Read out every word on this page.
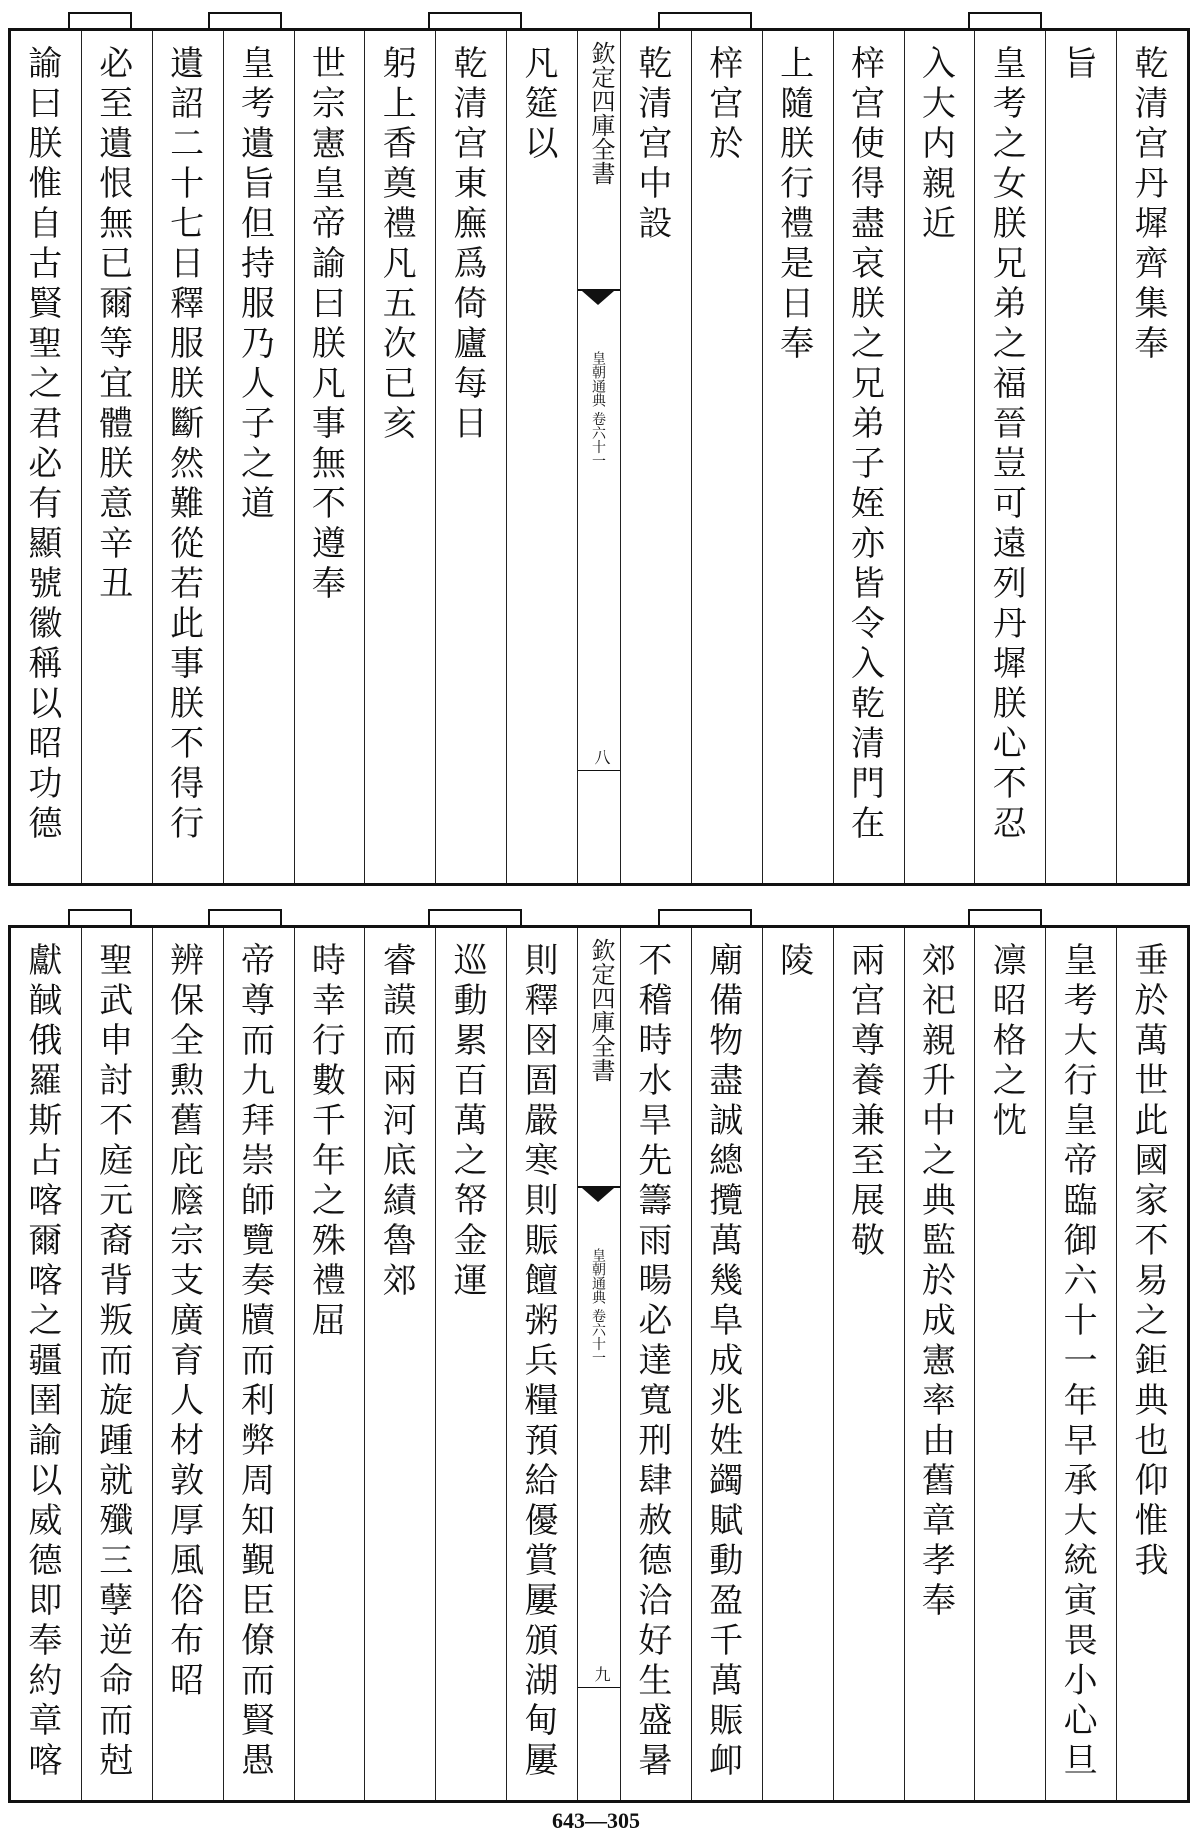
乾清宫丹墀齊集奉
旨
皇考之女朕兄弟之福晉豈可遠列丹墀朕心不忍
入大内親近
梓宫使得盡哀朕之兄弟子姪亦皆令入乾清門在
上隨朕行禮是日奉
梓宫於
乾清宫中設
欽定四庫全書
皇朝通典 卷六十一
八
凡筵以
乾清宫東廡爲倚廬每日
躬上香奠禮凡五次已亥
世宗憲皇帝諭曰朕凡事無不遵奉
皇考遺旨但持服乃人子之道
遺詔二十七日釋服朕斷然難從若此事朕不得行
必至遺恨無已爾等宜體朕意辛丑
諭曰朕惟自古賢聖之君必有顯號徽稱以昭功德
垂於萬世此國家不易之鉅典也仰惟我
皇考大行皇帝臨御六十一年早承大統寅畏小心旦
凛昭格之忱
郊祀親升中之典監於成憲率由舊章孝奉
兩宫尊養兼至展敬
陵
廟備物盡誠總攬萬幾阜成兆姓蠲賦動盈千萬賑卹
不稽時水旱先籌雨暘必達寬刑肆赦德洽好生盛暑
欽定四庫全書
皇朝通典 卷六十一
九
則釋囹圄嚴寒則賑饘粥兵糧預給優賞屢頒湖甸屢
巡動累百萬之帑金運
睿謨而兩河底績魯郊
時幸行數千年之殊禮屈
帝尊而九拜崇師覽奏牘而利弊周知覲臣僚而賢愚
辨保全勲舊庇廕宗支廣育人材敦厚風俗布昭
聖武申討不庭元裔背叛而旋踵就殲三孽逆命而尅
獻馘俄羅斯占喀爾喀之疆圉諭以威德即奉約章喀
643—305
